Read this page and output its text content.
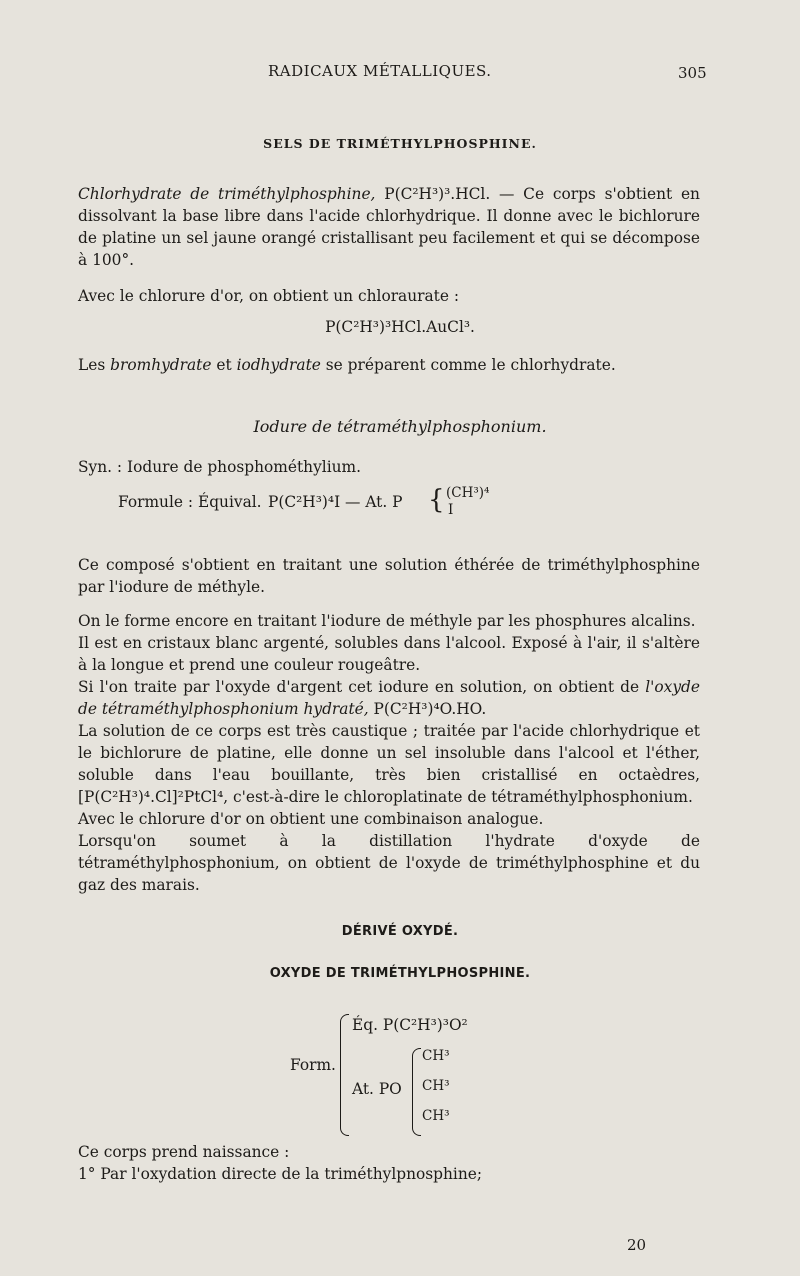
RADICAUX MÉTALLIQUES.	305
SELS DE TRIMÉTHYLPHOSPHINE.
Chlorhydrate de triméthylphosphine, P(C²H³)³.HCl. — Ce corps s'obtient en dissolvant la base libre dans l'acide chlorhydrique. Il donne avec le bichlorure de platine un sel jaune orangé cristallisant peu facilement et qui se décompose à 100°.
Avec le chlorure d'or, on obtient un chloraurate :
P(C²H³)³HCl.AuCl³.
Les bromhydrate et iodhydrate se préparent comme le chlorhydrate.
Iodure de tétraméthylphosphonium.
Syn. : Iodure de phosphométhylium.
Formule : Équival. P(C²H³)⁴I — At. P { (CH³)⁴
I
Ce composé s'obtient en traitant une solution éthérée de triméthylphosphine par l'iodure de méthyle.
On le forme encore en traitant l'iodure de méthyle par les phosphures alcalins.
Il est en cristaux blanc argenté, solubles dans l'alcool. Exposé à l'air, il s'altère à la longue et prend une couleur rougeâtre.
Si l'on traite par l'oxyde d'argent cet iodure en solution, on obtient de l'oxyde de tétraméthylphosphonium hydraté, P(C²H³)⁴O.HO.
La solution de ce corps est très caustique ; traitée par l'acide chlorhydrique et le bichlorure de platine, elle donne un sel insoluble dans l'alcool et l'éther, soluble dans l'eau bouillante, très bien cristallisé en octaèdres, [P(C²H³)⁴.Cl]²PtCl⁴, c'est-à-dire le chloroplatinate de tétraméthylphosphonium.
Avec le chlorure d'or on obtient une combinaison analogue.
Lorsqu'on soumet à la distillation l'hydrate d'oxyde de tétraméthylphosphonium, on obtient de l'oxyde de triméthylphosphine et du gaz des marais.
DÉRIVÉ OXYDÉ.
OXYDE DE TRIMÉTHYLPHOSPHINE.
Form.
Éq. P(C²H³)³O²
At. PO
CH³
CH³
CH³
Ce corps prend naissance :
1° Par l'oxydation directe de la triméthylpnosphine;
20
